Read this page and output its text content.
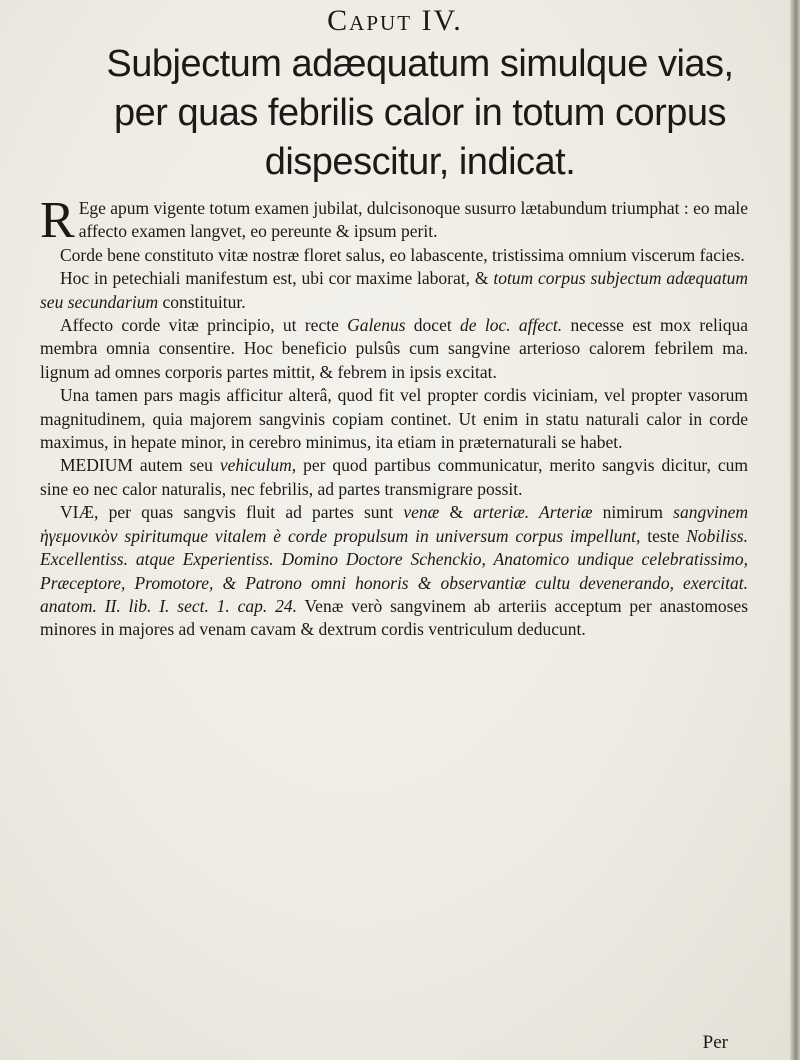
Caput IV.
Subjectum adæquatum simulque vias, per quas febrilis calor in totum corpus dispescitur, indicat.

R Ege apum vigente totum examen jubilat, dulcisonoque susurro lætabundum triumphat : eo male affecto examen langvet, eo pereunte & ipsum perit.

Corde bene constituto vitæ nostræ floret salus, eo labascente, tristissima omnium viscerum facies.

Hoc in petechiali manifestum est, ubi cor maxime laborat, & totum corpus subjectum adæquatum seu secundarium constituitur.

Affecto corde vitæ principio, ut recte Galenus docet de loc. affect. necesse est mox reliqua membra omnia consentire. Hoc beneficio pulsûs cum sangvine arterioso calorem febrilem ma. lignum ad omnes corporis partes mittit, & febrem in ipsis excitat.

Una tamen pars magis afficitur alterâ, quod fit vel propter cordis viciniam, vel propter vasorum magnitudinem, quia majorem sangvinis copiam continet. Ut enim in statu naturali calor in corde maximus, in hepate minor, in cerebro minimus, ita etiam in præternaturali se habet.

MEDIUM autem seu vehiculum, per quod partibus communicatur, merito sangvis dicitur, cum sine eo nec calor naturalis, nec febrilis, ad partes transmigrare possit.

VIÆ, per quas sangvis fluit ad partes sunt venæ & arteriæ. Arteriæ nimirum sangvinem ἡγεμονικὸν spiritumque vitalem è corde propulsum in universum corpus impellunt, teste Nobiliss. Excellentiss. atque Experientiss. Domino Doctore Schenckio, Anatomico undique celebratissimo, Præceptore, Promotore, & Patrono omni honoris & observantiæ cultu devenerando, exercitat. anatom. II. lib. I. sect. 1. cap. 24. Venæ verò sangvinem ab arteriis acceptum per anastomoses minores in majores ad venam cavam & dextrum cordis ventriculum deducunt.

Per
